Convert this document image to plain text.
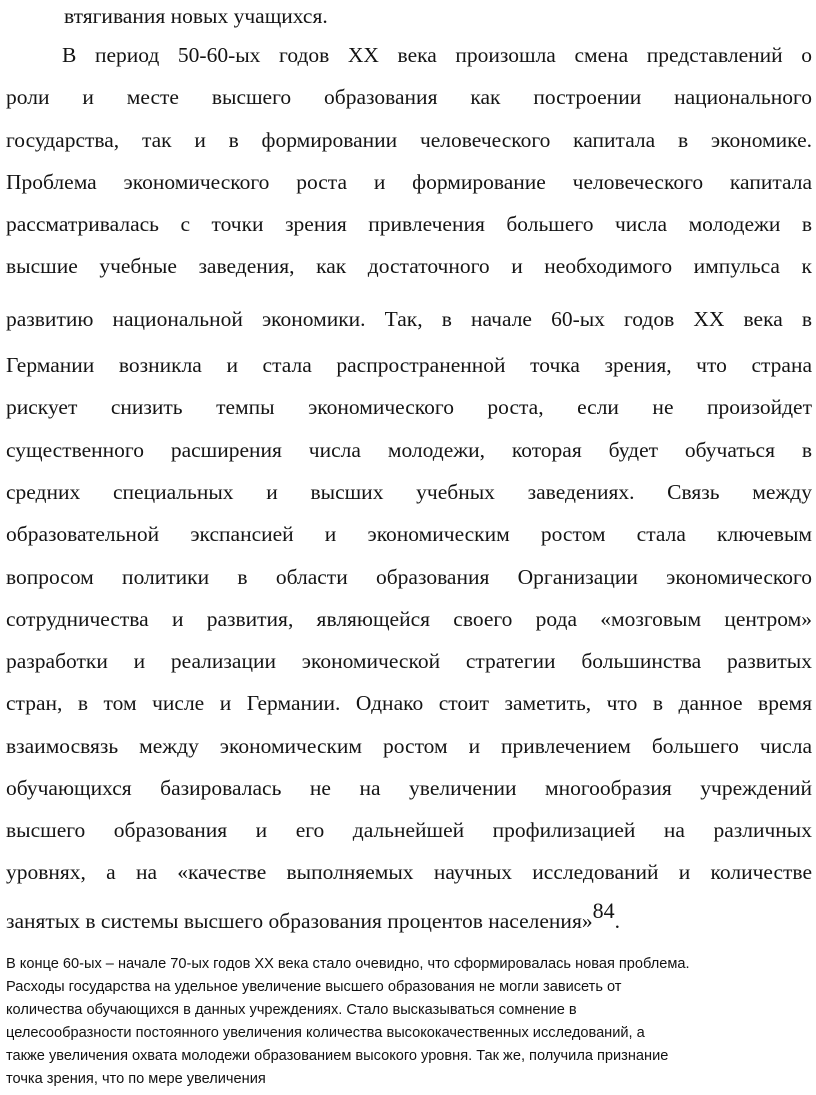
втягивания новых учащихся.
В период 50-60-ых годов XX века произошла смена представлений о
роли и месте высшего образования как построении национального
государства, так и в формировании человеческого капитала в экономике.
Проблема экономического роста и формирование человеческого капитала
рассматривалась с точки зрения привлечения большего числа молодежи в
высшие учебные заведения, как достаточного и необходимого импульса к
развитию национальной экономики. Так, в начале 60-ых годов XX века в
Германии возникла и стала распространенной точка зрения, что страна
рискует снизить темпы экономического роста, если не произойдет
существенного расширения числа молодежи, которая будет обучаться в
средних специальных и высших учебных заведениях. Связь между
образовательной экспансией и экономическим ростом стала ключевым
вопросом политики в области образования Организации экономического
сотрудничества и развития, являющейся своего рода «мозговым центром»
разработки и реализации экономической стратегии большинства развитых
стран, в том числе и Германии. Однако стоит заметить, что в данное время
взаимосвязь между экономическим ростом и привлечением большего числа
обучающихся базировалась не на увеличении многообразия учреждений
высшего образования и его дальнейшей профилизацией на различных
уровнях, а на «качестве выполняемых научных исследований и количестве
занятых в системы высшего образования процентов населения»84.
В конце 60-ых – начале 70-ых годов XX века стало очевидно, что сформировалась новая проблема.
Расходы государства на удельное увеличение высшего образования не могли зависеть от
количества обучающихся в данных учреждениях. Стало высказываться сомнение в
целесообразности постоянного увеличения количества высококачественных исследований, а
также увеличения охвата молодежи образованием высокого уровня. Так же, получила признание
точка зрения, что по мере увеличения
